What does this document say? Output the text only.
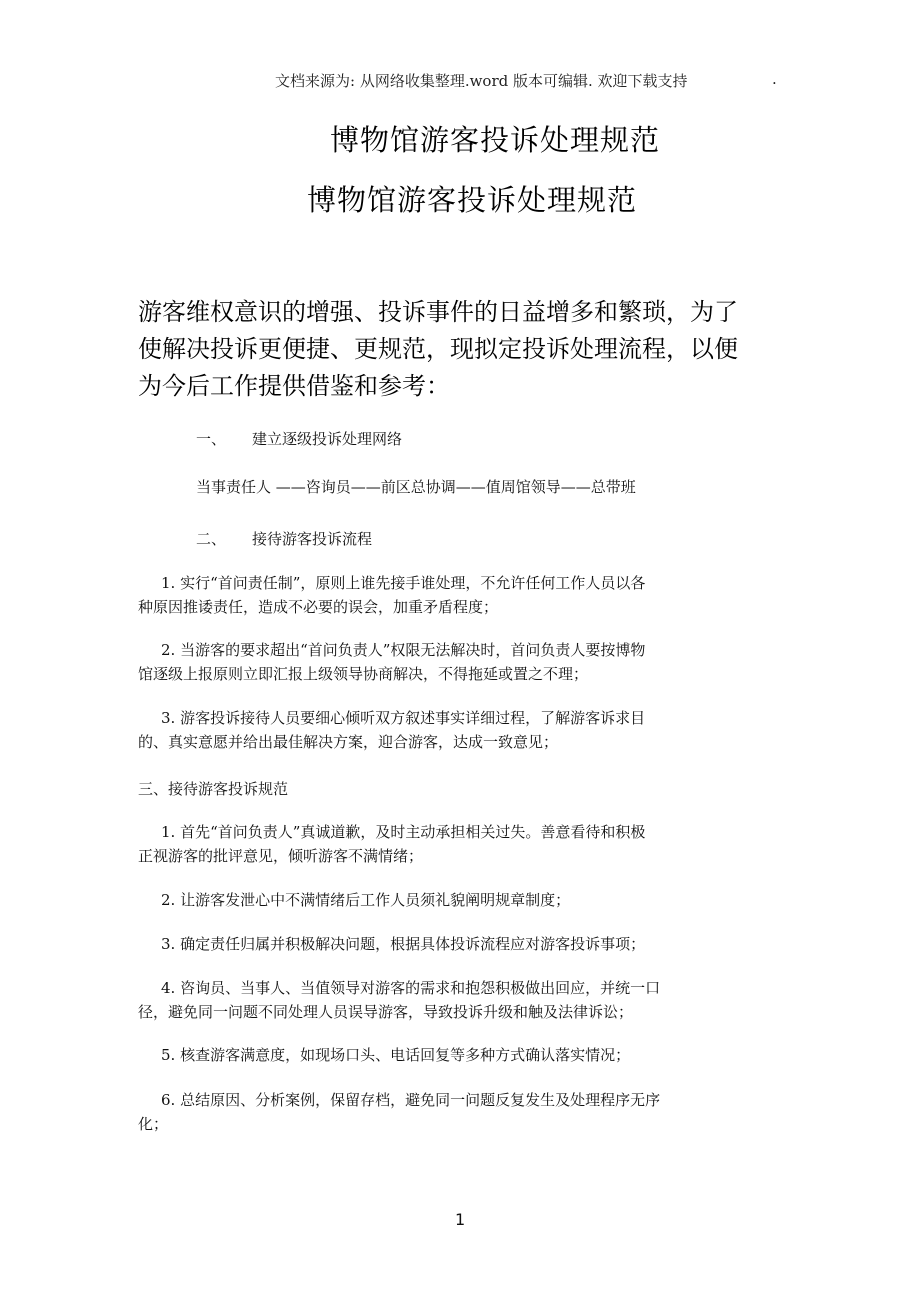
文档来源为: 从网络收集整理.word 版本可编辑. 欢迎下载支持	.
博物馆游客投诉处理规范
博物馆游客投诉处理规范
游客维权意识的增强、投诉事件的日益增多和繁琐，为了
使解决投诉更便捷、更规范，现拟定投诉处理流程，以便
为今后工作提供借鉴和参考：
一、 建立逐级投诉处理网络
当事责任人 ——咨询员——前区总协调——值周馆领导——总带班
二、 接待游客投诉流程
1. 实行“首问责任制”，原则上谁先接手谁处理，不允许任何工作人员以各
种原因推诿责任，造成不必要的误会，加重矛盾程度；
2. 当游客的要求超出“首问负责人”权限无法解决时，首问负责人要按博物
馆逐级上报原则立即汇报上级领导协商解决，不得拖延或置之不理；
3. 游客投诉接待人员要细心倾听双方叙述事实详细过程，了解游客诉求目
的、真实意愿并给出最佳解决方案，迎合游客，达成一致意见；
三、接待游客投诉规范
1. 首先“首问负责人”真诚道歉，及时主动承担相关过失。善意看待和积极
正视游客的批评意见，倾听游客不满情绪；
2. 让游客发泄心中不满情绪后工作人员须礼貌阐明规章制度；
3. 确定责任归属并积极解决问题，根据具体投诉流程应对游客投诉事项；
4. 咨询员、当事人、当值领导对游客的需求和抱怨积极做出回应，并统一口
径，避免同一问题不同处理人员误导游客，导致投诉升级和触及法律诉讼；
5. 核查游客满意度，如现场口头、电话回复等多种方式确认落实情况；
6. 总结原因、分析案例，保留存档，避免同一问题反复发生及处理程序无序
化；
1
